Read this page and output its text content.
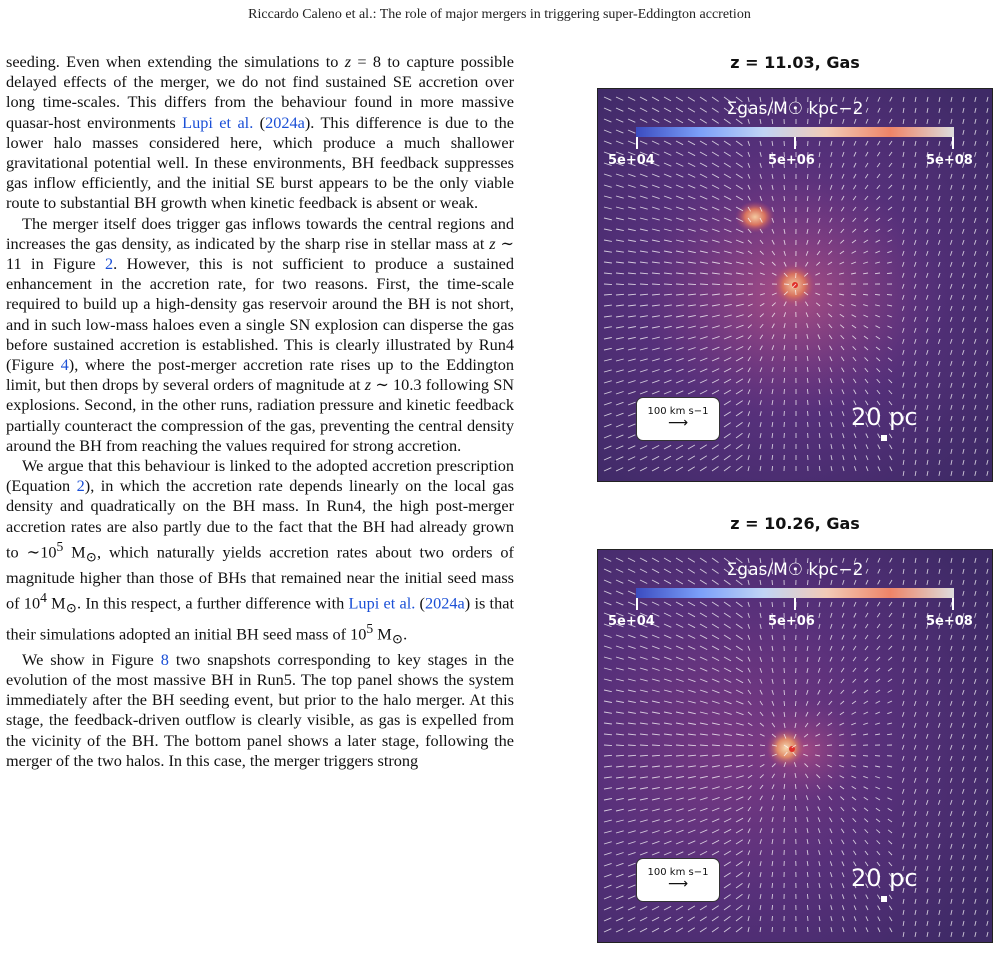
Riccardo Caleno et al.: The role of major mergers in triggering super-Eddington accretion

seeding. Even when extending the simulations to z = 8 to capture possible delayed effects of the merger, we do not find sustained SE accretion over long time-scales. This differs from the behaviour found in more massive quasar-host environments Lupi et al. (2024a). This difference is due to the lower halo masses considered here, which produce a much shallower gravitational potential well. In these environments, BH feedback suppresses gas inflow efficiently, and the initial SE burst appears to be the only viable route to substantial BH growth when kinetic feedback is absent or weak.

The merger itself does trigger gas inflows towards the central regions and increases the gas density, as indicated by the sharp rise in stellar mass at z ∼ 11 in Figure 2. However, this is not sufficient to produce a sustained enhancement in the accretion rate, for two reasons. First, the time-scale required to build up a high-density gas reservoir around the BH is not short, and in such low-mass haloes even a single SN explosion can disperse the gas before sustained accretion is established. This is clearly illustrated by Run4 (Figure 4), where the post-merger accretion rate rises up to the Eddington limit, but then drops by several orders of magnitude at z ∼ 10.3 following SN explosions. Second, in the other runs, radiation pressure and kinetic feedback partially counteract the compression of the gas, preventing the central density around the BH from reaching the values required for strong accretion.

We argue that this behaviour is linked to the adopted accretion prescription (Equation 2), in which the accretion rate depends linearly on the local gas density and quadratically on the BH mass. In Run4, the high post-merger accretion rates are also partly due to the fact that the BH had already grown to $\sim 10^5$ $M_⊙$, which naturally yields accretion rates about two orders of magnitude higher than those of BHs that remained near the initial seed mass of $10^4$ $M_⊙$. In this respect, a further difference with Lupi et al. (2024a) is that their simulations adopted an initial BH seed mass of $10^5$ $M_⊙$.

We show in Figure 8 two snapshots corresponding to key stages in the evolution of the most massive BH in Run5. The top panel shows the system immediately after the BH seeding event, but prior to the halo merger. At this stage, the feedback-driven outflow is clearly visible, as gas is expelled from the vicinity of the BH. The bottom panel shows a later stage, following the merger of the two halos. In this case, the merger triggers strong

z = 11.03, Gas
Σgas/M☉ kpc−2
5e+04	5e+06	5e+08
100 km s−1
⟶	20 pc
z = 10.26, Gas
Σgas/M☉ kpc−2
5e+04	5e+06	5e+08
100 km s−1
⟶	20 pc
